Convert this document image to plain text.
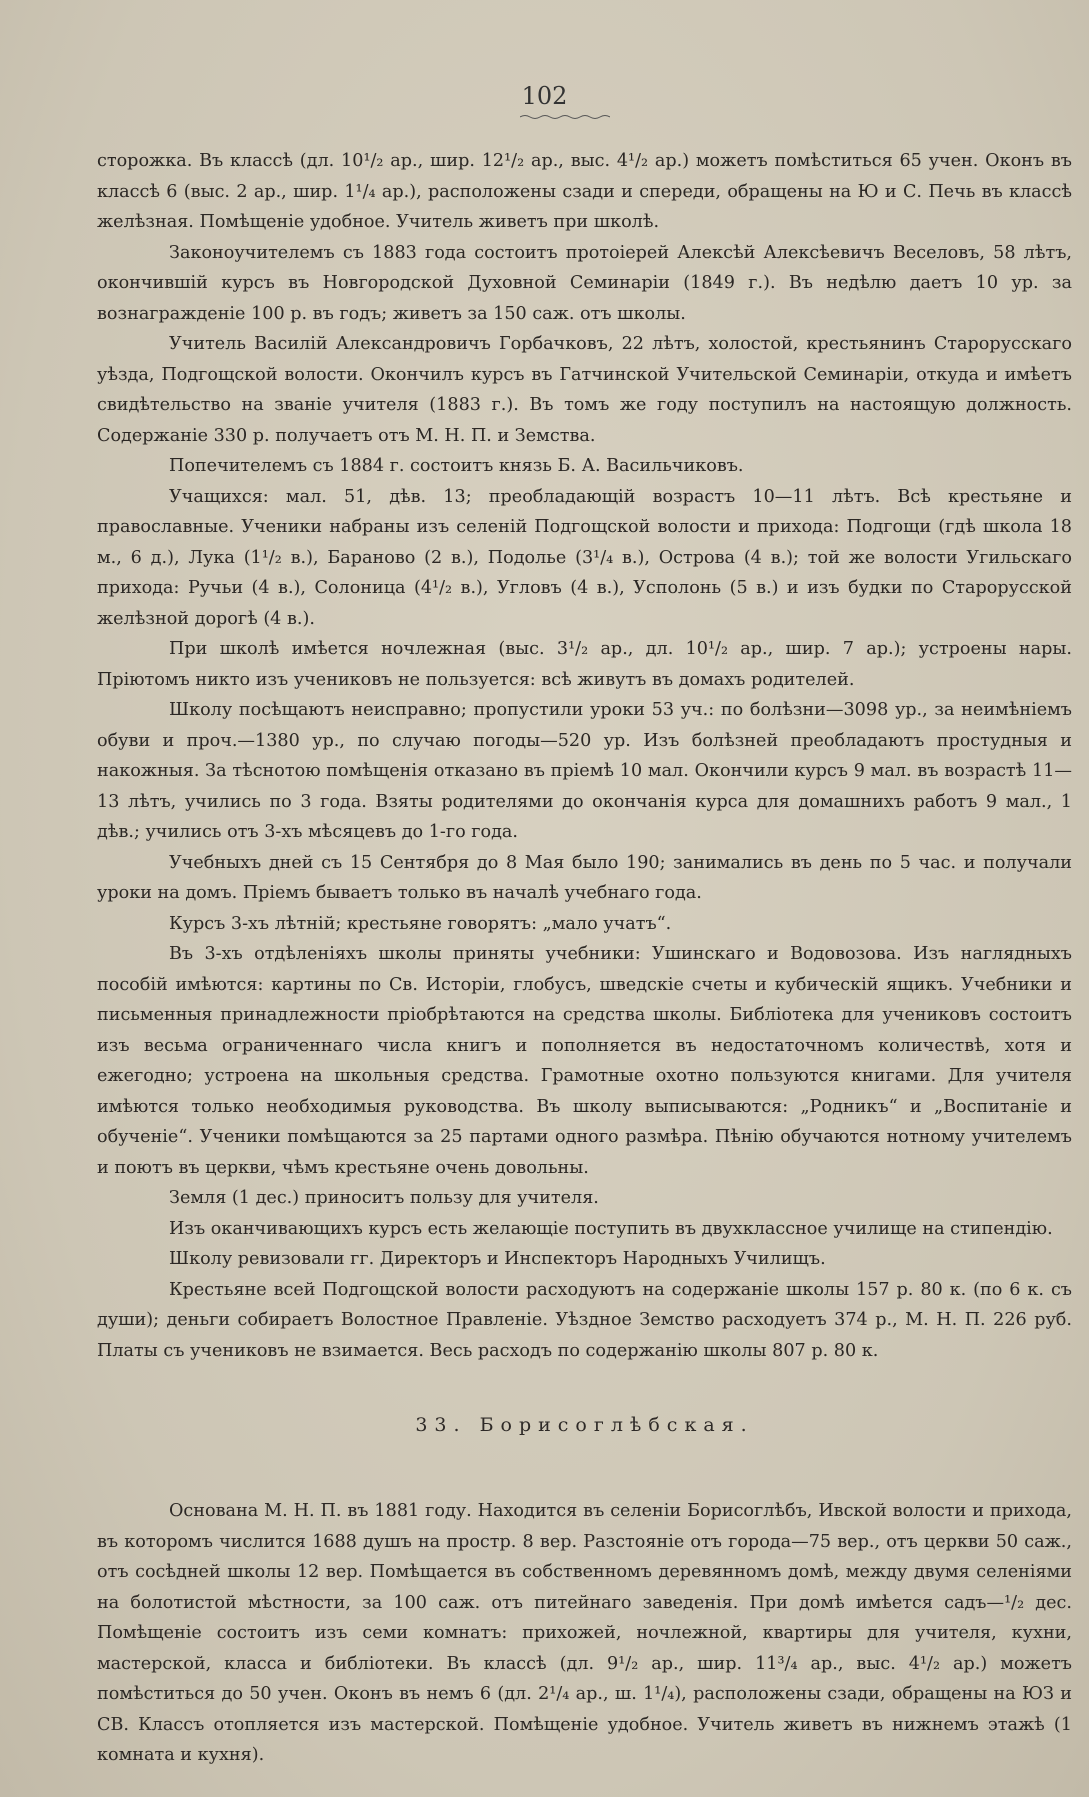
102

сторожка. Въ классѣ (дл. 10¹/₂ ар., шир. 12¹/₂ ар., выс. 4¹/₂ ар.) можетъ помѣститься 65 учен. Оконъ въ классѣ 6 (выс. 2 ар., шир. 1¹/₄ ар.), расположены сзади и спереди, обращены на Ю и С. Печь въ классѣ желѣзная. Помѣщеніе удобное. Учитель живетъ при школѣ.

Законоучителемъ съ 1883 года состоитъ протоіерей Алексѣй Алексѣевичъ Веселовъ, 58 лѣтъ, окончившій курсъ въ Новгородской Духовной Семинаріи (1849 г.). Въ недѣлю даетъ 10 ур. за вознагражденіе 100 р. въ годъ; живетъ за 150 саж. отъ школы.

Учитель Василій Александровичъ Горбачковъ, 22 лѣтъ, холостой, крестьянинъ Старорусскаго уѣзда, Подгощской волости. Окончилъ курсъ въ Гатчинской Учительской Семинаріи, откуда и имѣетъ свидѣтельство на званіе учителя (1883 г.). Въ томъ же году поступилъ на настоящую должность. Содержаніе 330 р. получаетъ отъ М. Н. П. и Земства.

Попечителемъ съ 1884 г. состоитъ князь Б. А. Васильчиковъ.

Учащихся: мал. 51, дѣв. 13; преобладающій возрастъ 10—11 лѣтъ. Всѣ крестьяне и православные. Ученики набраны изъ селеній Подгощской волости и прихода: Подгощи (гдѣ школа 18 м., 6 д.), Лука (1¹/₂ в.), Бараново (2 в.), Подолье (3¹/₄ в.), Острова (4 в.); той же волости Угильскаго прихода: Ручьи (4 в.), Солоница (4¹/₂ в.), Угловъ (4 в.), Усполонь (5 в.) и изъ будки по Старорусской желѣзной дорогѣ (4 в.).

При школѣ имѣется ночлежная (выс. 3¹/₂ ар., дл. 10¹/₂ ар., шир. 7 ар.); устроены нары. Пріютомъ никто изъ учениковъ не пользуется: всѣ живутъ въ домахъ родителей.

Школу посѣщаютъ неисправно; пропустили уроки 53 уч.: по болѣзни—3098 ур., за неимѣніемъ обуви и проч.—1380 ур., по случаю погоды—520 ур. Изъ болѣзней преобладаютъ простудныя и накожныя. За тѣснотою помѣщенія отказано въ пріемѣ 10 мал. Окончили курсъ 9 мал. въ возрастѣ 11—13 лѣтъ, учились по 3 года. Взяты родителями до окончанія курса для домашнихъ работъ 9 мал., 1 дѣв.; учились отъ 3-хъ мѣсяцевъ до 1-го года.

Учебныхъ дней съ 15 Сентября до 8 Мая было 190; занимались въ день по 5 час. и получали уроки на домъ. Пріемъ бываетъ только въ началѣ учебнаго года.

Курсъ 3-хъ лѣтній; крестьяне говорятъ: „мало учатъ“.

Въ 3-хъ отдѣленіяхъ школы приняты учебники: Ушинскаго и Водовозова. Изъ наглядныхъ пособій имѣются: картины по Св. Исторіи, глобусъ, шведскіе счеты и кубическій ящикъ. Учебники и письменныя принадлежности пріобрѣтаются на средства школы. Библіотека для учениковъ состоитъ изъ весьма ограниченнаго числа книгъ и пополняется въ недостаточномъ количествѣ, хотя и ежегодно; устроена на школьныя средства. Грамотные охотно пользуются книгами. Для учителя имѣются только необходимыя руководства. Въ школу выписываются: „Родникъ“ и „Воспитаніе и обученіе“. Ученики помѣщаются за 25 партами одного размѣра. Пѣнію обучаются нотному учителемъ и поютъ въ церкви, чѣмъ крестьяне очень довольны.

Земля (1 дес.) приноситъ пользу для учителя.

Изъ оканчивающихъ курсъ есть желающіе поступить въ двухклассное училище на стипендію.

Школу ревизовали гг. Директоръ и Инспекторъ Народныхъ Училищъ.

Крестьяне всей Подгощской волости расходуютъ на содержаніе школы 157 р. 80 к. (по 6 к. съ души); деньги собираетъ Волостное Правленіе. Уѣздное Земство расходуетъ 374 р., М. Н. П. 226 руб. Платы съ учениковъ не взимается. Весь расходъ по содержанію школы 807 р. 80 к.

33. Борисоглѣбская.

Основана М. Н. П. въ 1881 году. Находится въ селеніи Борисоглѣбъ, Ивской волости и прихода, въ которомъ числится 1688 душъ на простр. 8 вер. Разстояніе отъ города—75 вер., отъ церкви 50 саж., отъ сосѣдней школы 12 вер. Помѣщается въ собственномъ деревянномъ домѣ, между двумя селеніями на болотистой мѣстности, за 100 саж. отъ питейнаго заведенія. При домѣ имѣется садъ—¹/₂ дес. Помѣщеніе состоитъ изъ семи комнатъ: прихожей, ночлежной, квартиры для учителя, кухни, мастерской, класса и библіотеки. Въ классѣ (дл. 9¹/₂ ар., шир. 11³/₄ ар., выс. 4¹/₂ ар.) можетъ помѣститься до 50 учен. Оконъ въ немъ 6 (дл. 2¹/₄ ар., ш. 1¹/₄), расположены сзади, обращены на ЮЗ и СВ. Классъ отопляется изъ мастерской. Помѣщеніе удобное. Учитель живетъ въ нижнемъ этажѣ (1 комната и кухня).
